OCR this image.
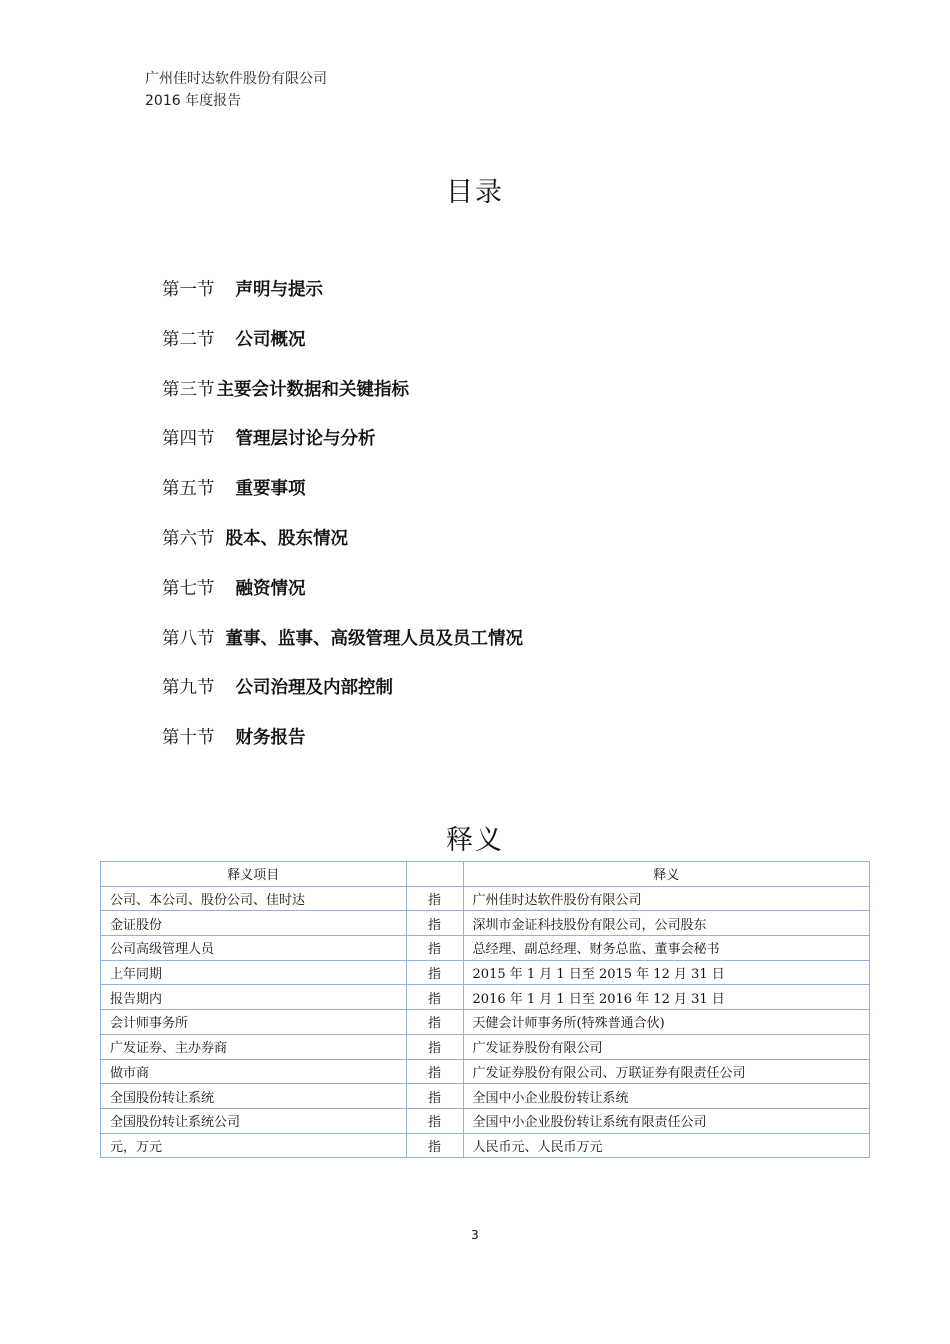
广州佳时达软件股份有限公司
2016 年度报告
目录
第一节 声明与提示
第二节 公司概况
第三节 主要会计数据和关键指标
第四节 管理层讨论与分析
第五节 重要事项
第六节 股本、股东情况
第七节 融资情况
第八节 董事、监事、高级管理人员及员工情况
第九节 公司治理及内部控制
第十节 财务报告
释义
释义项目		释义
公司、本公司、股份公司、佳时达	指	广州佳时达软件股份有限公司
金证股份	指	深圳市金证科技股份有限公司，公司股东
公司高级管理人员	指	总经理、副总经理、财务总监、董事会秘书
上年同期	指	2015 年 1 月 1 日至 2015 年 12 月 31 日
报告期内	指	2016 年 1 月 1 日至 2016 年 12 月 31 日
会计师事务所	指	天健会计师事务所(特殊普通合伙)
广发证券、主办券商	指	广发证券股份有限公司
做市商	指	广发证券股份有限公司、万联证券有限责任公司
全国股份转让系统	指	全国中小企业股份转让系统
全国股份转让系统公司	指	全国中小企业股份转让系统有限责任公司
元，万元	指	人民币元、人民币万元
3
